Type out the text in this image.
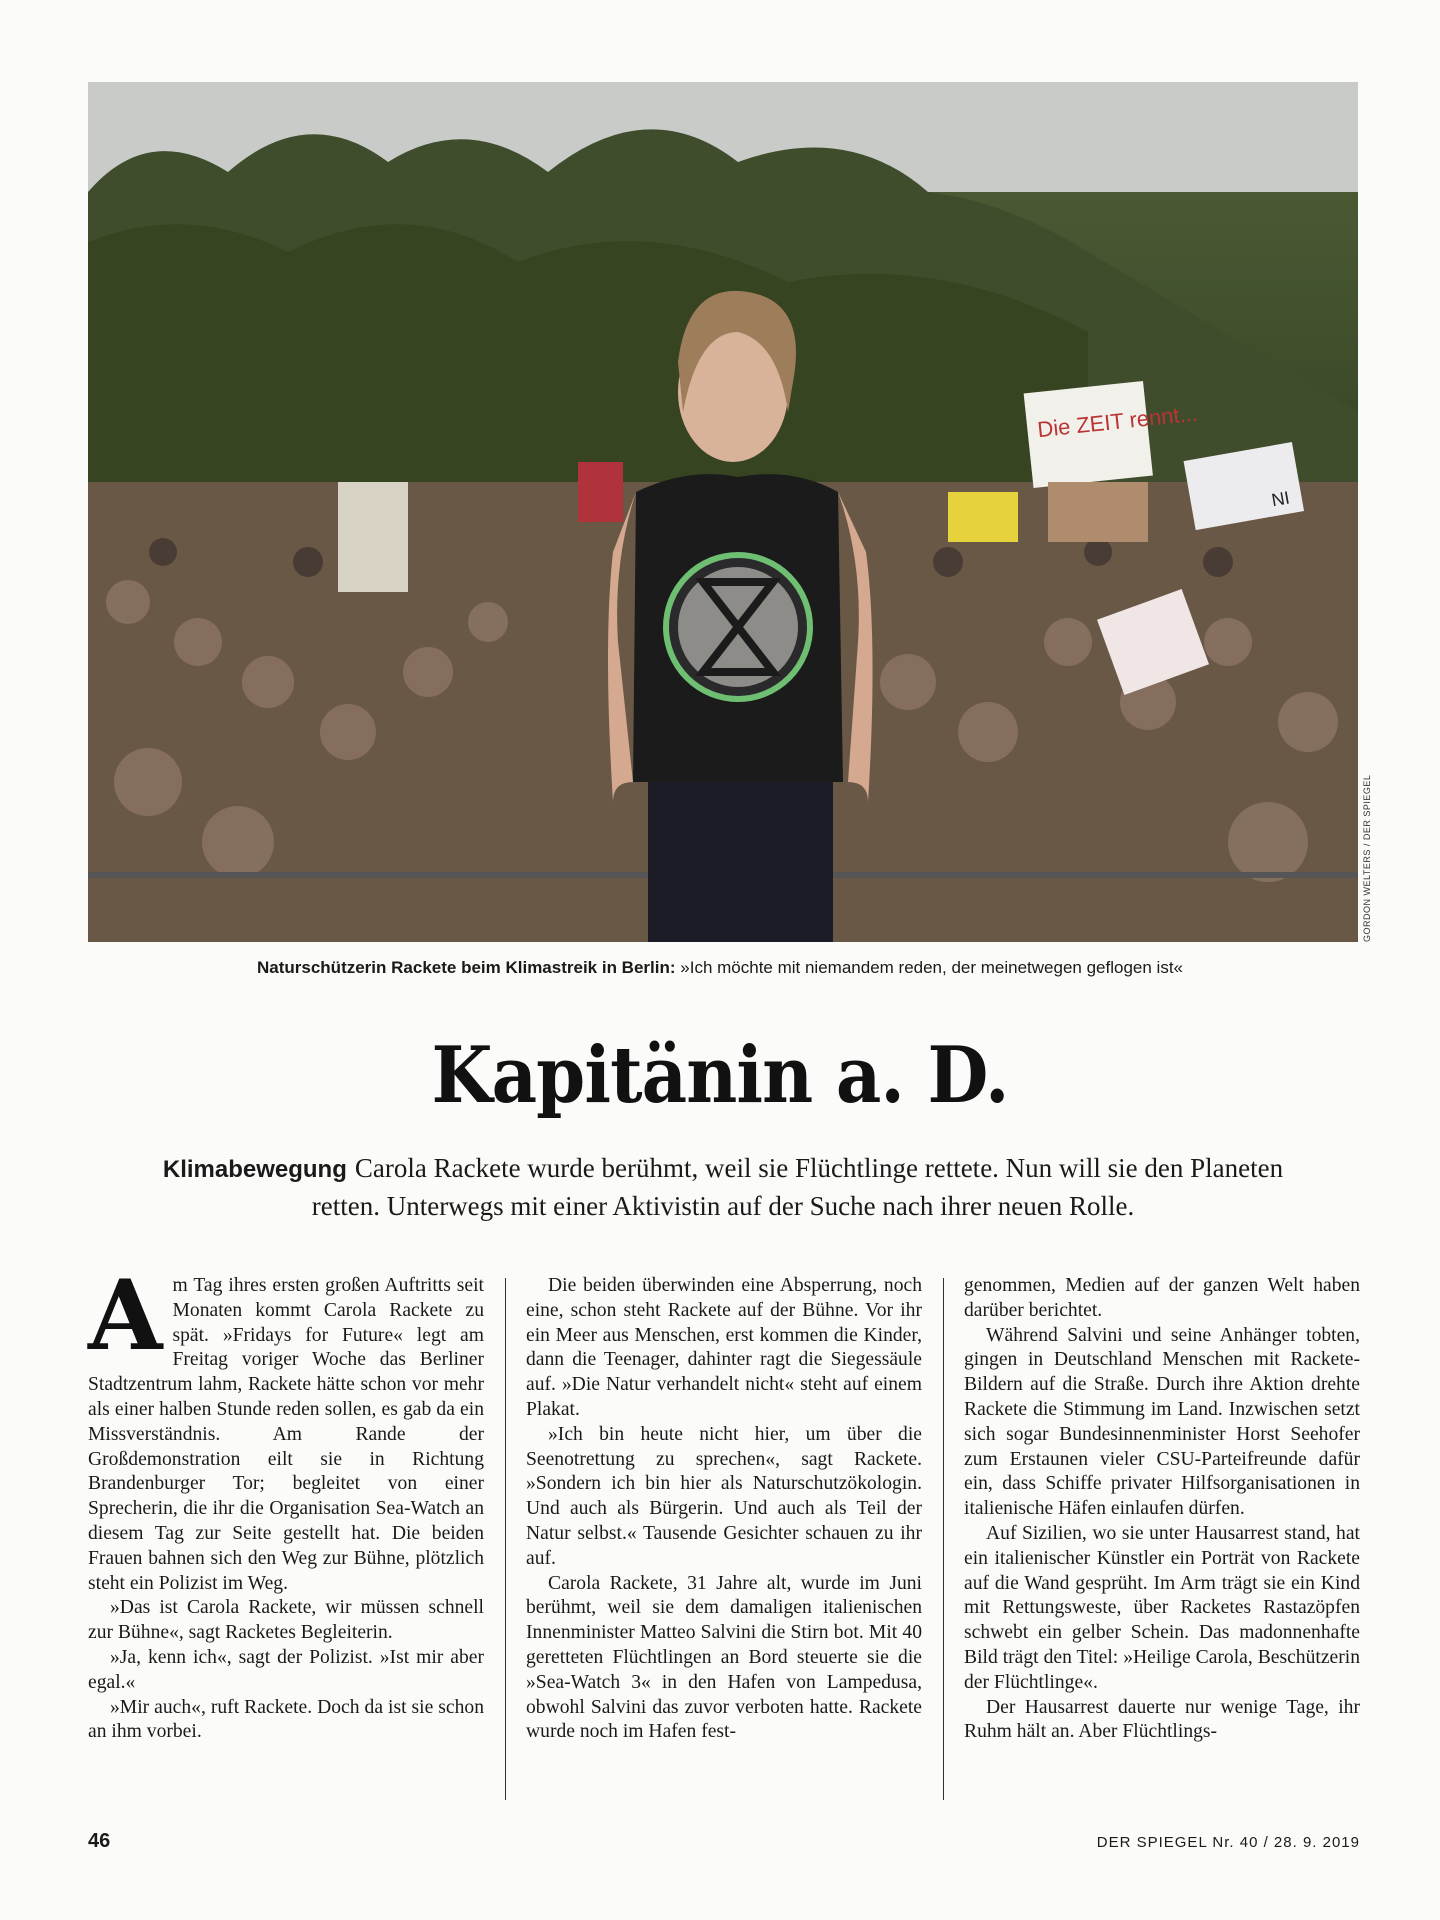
Die ZEIT rennt...
NI
GORDON WELTERS / DER SPIEGEL
Naturschützerin Rackete beim Klimastreik in Berlin: »Ich möchte mit niemandem reden, der meinetwegen geflogen ist«
Kapitänin a. D.
Klimabewegung Carola Rackete wurde berühmt, weil sie Flüchtlinge rettete. Nun will sie den Planeten retten. Unterwegs mit einer Aktivistin auf der Suche nach ihrer neuen Rolle.

Am Tag ihres ersten großen Auftritts seit Monaten kommt Carola Rackete zu spät. »Fridays for Future« legt am Freitag voriger Woche das Berliner Stadtzentrum lahm, Rackete hätte schon vor mehr als einer halben Stunde reden sollen, es gab da ein Missverständnis. Am Rande der Großdemonstration eilt sie in Richtung Brandenburger Tor; begleitet von einer Sprecherin, die ihr die Organisation Sea-Watch an diesem Tag zur Seite gestellt hat. Die beiden Frauen bahnen sich den Weg zur Bühne, plötzlich steht ein Polizist im Weg.

»Das ist Carola Rackete, wir müssen schnell zur Bühne«, sagt Racketes Begleiterin.

»Ja, kenn ich«, sagt der Polizist. »Ist mir aber egal.«

»Mir auch«, ruft Rackete. Doch da ist sie schon an ihm vorbei.

Die beiden überwinden eine Absperrung, noch eine, schon steht Rackete auf der Bühne. Vor ihr ein Meer aus Menschen, erst kommen die Kinder, dann die Teenager, dahinter ragt die Siegessäule auf. »Die Natur verhandelt nicht« steht auf einem Plakat.

»Ich bin heute nicht hier, um über die Seenotrettung zu sprechen«, sagt Rackete. »Sondern ich bin hier als Naturschutzökologin. Und auch als Bürgerin. Und auch als Teil der Natur selbst.« Tausende Gesichter schauen zu ihr auf.

Carola Rackete, 31 Jahre alt, wurde im Juni berühmt, weil sie dem damaligen italienischen Innenminister Matteo Salvini die Stirn bot. Mit 40 geretteten Flüchtlingen an Bord steuerte sie die »Sea-Watch 3« in den Hafen von Lampedusa, obwohl Salvini das zuvor verboten hatte. Rackete wurde noch im Hafen fest-

genommen, Medien auf der ganzen Welt haben darüber berichtet.

Während Salvini und seine Anhänger tobten, gingen in Deutschland Menschen mit Rackete-Bildern auf die Straße. Durch ihre Aktion drehte Rackete die Stimmung im Land. Inzwischen setzt sich sogar Bundesinnenminister Horst Seehofer zum Erstaunen vieler CSU-Parteifreunde dafür ein, dass Schiffe privater Hilfsorganisationen in italienische Häfen einlaufen dürfen.

Auf Sizilien, wo sie unter Hausarrest stand, hat ein italienischer Künstler ein Porträt von Rackete auf die Wand gesprüht. Im Arm trägt sie ein Kind mit Rettungsweste, über Racketes Rastazöpfen schwebt ein gelber Schein. Das madonnenhafte Bild trägt den Titel: »Heilige Carola, Beschützerin der Flüchtlinge«.

Der Hausarrest dauerte nur wenige Tage, ihr Ruhm hält an. Aber Flüchtlings-

46	DER SPIEGEL Nr. 40 / 28. 9. 2019
